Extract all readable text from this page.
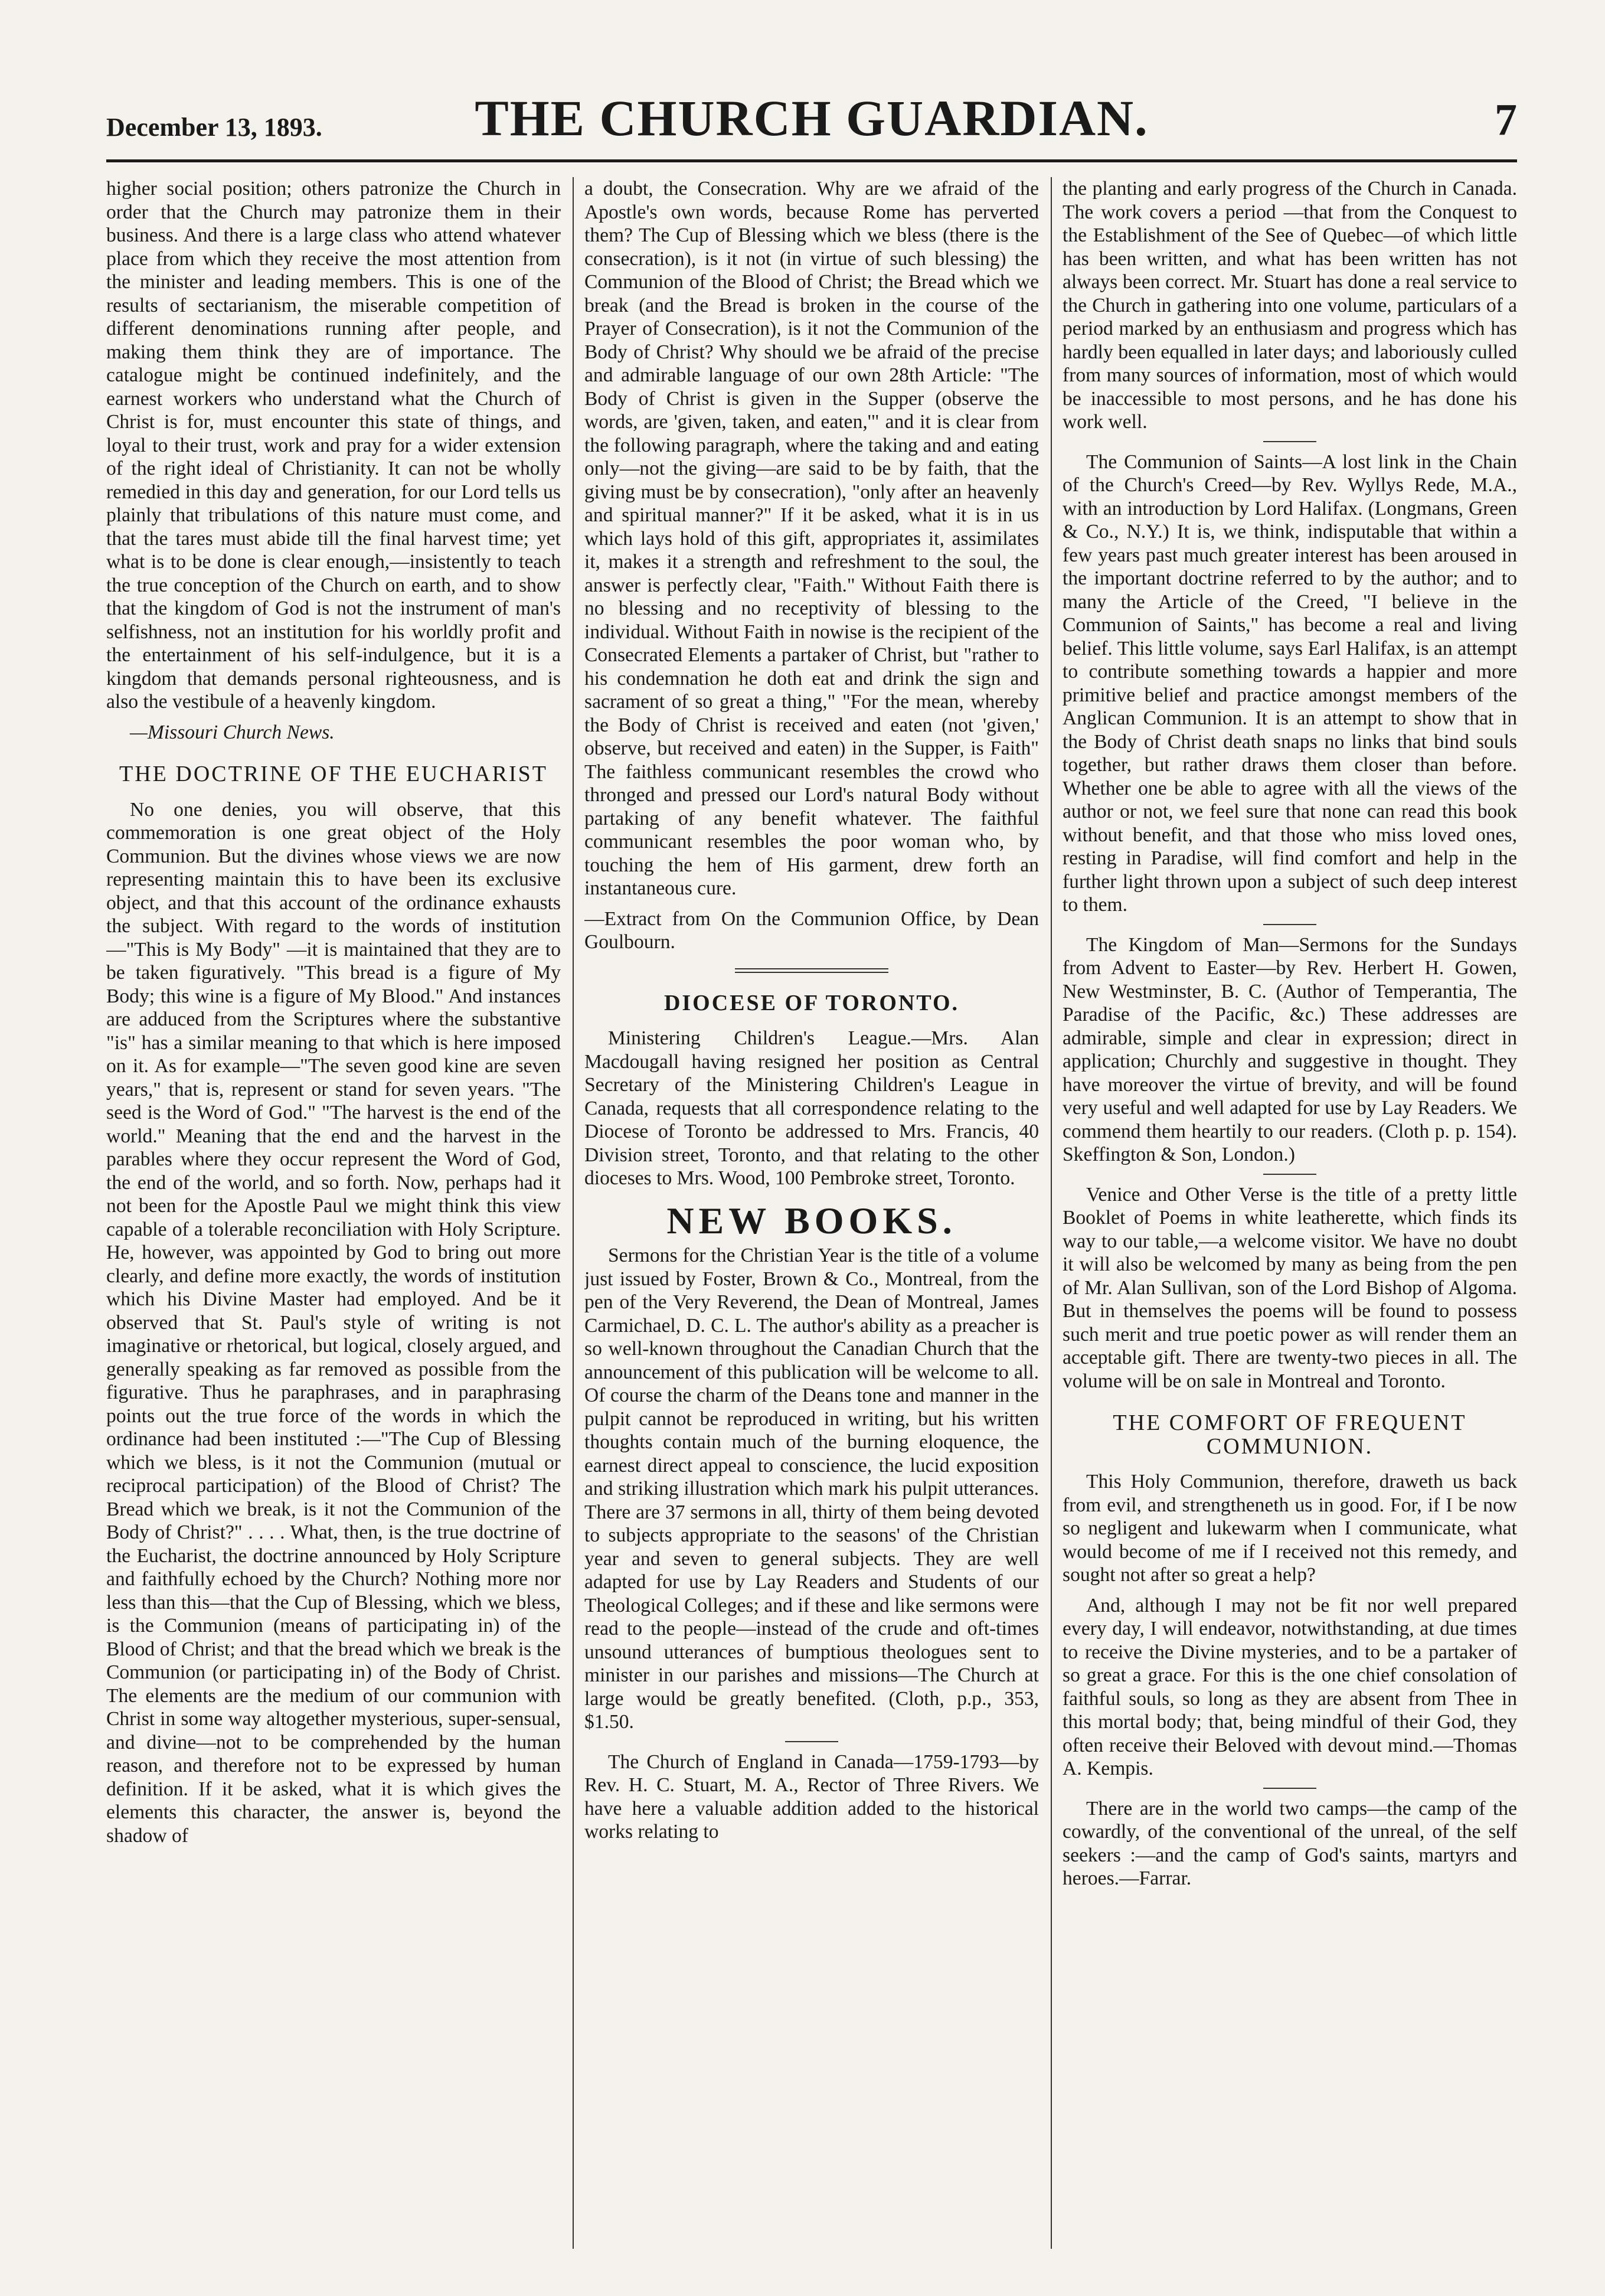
December 13, 1893.	THE CHURCH GUARDIAN.	7

higher social position; others patronize the Church in order that the Church may patronize them in their business. And there is a large class who attend whatever place from which they receive the most attention from the minister and leading members. This is one of the results of sectarianism, the miserable competition of different denominations running after people, and making them think they are of importance. The catalogue might be continued indefinitely, and the earnest workers who understand what the Church of Christ is for, must encounter this state of things, and loyal to their trust, work and pray for a wider extension of the right ideal of Christianity. It can not be wholly remedied in this day and generation, for our Lord tells us plainly that tribulations of this nature must come, and that the tares must abide till the final harvest time; yet what is to be done is clear enough,—insistently to teach the true conception of the Church on earth, and to show that the kingdom of God is not the instrument of man's selfishness, not an institution for his worldly profit and the entertainment of his self-indulgence, but it is a kingdom that demands personal righteousness, and is also the vestibule of a heavenly kingdom.

—Missouri Church News.

THE DOCTRINE OF THE EUCHARIST

No one denies, you will observe, that this commemoration is one great object of the Holy Communion. But the divines whose views we are now representing maintain this to have been its exclusive object, and that this account of the ordinance exhausts the subject. With regard to the words of institution—"This is My Body" —it is maintained that they are to be taken figuratively. "This bread is a figure of My Body; this wine is a figure of My Blood." And instances are adduced from the Scriptures where the substantive "is" has a similar meaning to that which is here imposed on it. As for example—"The seven good kine are seven years," that is, represent or stand for seven years. "The seed is the Word of God." "The harvest is the end of the world." Meaning that the end and the harvest in the parables where they occur represent the Word of God, the end of the world, and so forth. Now, perhaps had it not been for the Apostle Paul we might think this view capable of a tolerable reconciliation with Holy Scripture. He, however, was appointed by God to bring out more clearly, and define more exactly, the words of institution which his Divine Master had employed. And be it observed that St. Paul's style of writing is not imaginative or rhetorical, but logical, closely argued, and generally speaking as far removed as possible from the figurative. Thus he paraphrases, and in paraphrasing points out the true force of the words in which the ordinance had been instituted :—"The Cup of Blessing which we bless, is it not the Communion (mutual or reciprocal participation) of the Blood of Christ? The Bread which we break, is it not the Communion of the Body of Christ?" . . . . What, then, is the true doctrine of the Eucharist, the doctrine announced by Holy Scripture and faithfully echoed by the Church? Nothing more nor less than this—that the Cup of Blessing, which we bless, is the Communion (means of participating in) of the Blood of Christ; and that the bread which we break is the Communion (or participating in) of the Body of Christ. The elements are the medium of our communion with Christ in some way altogether mysterious, super-sensual, and divine—not to be comprehended by the human reason, and therefore not to be expressed by human definition. If it be asked, what it is which gives the elements this character, the answer is, beyond the shadow of

a doubt, the Consecration. Why are we afraid of the Apostle's own words, because Rome has perverted them? The Cup of Blessing which we bless (there is the consecration), is it not (in virtue of such blessing) the Communion of the Blood of Christ; the Bread which we break (and the Bread is broken in the course of the Prayer of Consecration), is it not the Communion of the Body of Christ? Why should we be afraid of the precise and admirable language of our own 28th Article: "The Body of Christ is given in the Supper (observe the words, are 'given, taken, and eaten,'" and it is clear from the following paragraph, where the taking and and eating only—not the giving—are said to be by faith, that the giving must be by consecration), "only after an heavenly and spiritual manner?" If it be asked, what it is in us which lays hold of this gift, appropriates it, assimilates it, makes it a strength and refreshment to the soul, the answer is perfectly clear, "Faith." Without Faith there is no blessing and no receptivity of blessing to the individual. Without Faith in nowise is the recipient of the Consecrated Elements a partaker of Christ, but "rather to his condemnation he doth eat and drink the sign and sacrament of so great a thing," "For the mean, whereby the Body of Christ is received and eaten (not 'given,' observe, but received and eaten) in the Supper, is Faith" The faithless communicant resembles the crowd who thronged and pressed our Lord's natural Body without partaking of any benefit whatever. The faithful communicant resembles the poor woman who, by touching the hem of His garment, drew forth an instantaneous cure.

—Extract from On the Communion Office, by Dean Goulbourn.

DIOCESE OF TORONTO.

Ministering Children's League.—Mrs. Alan Macdougall having resigned her position as Central Secretary of the Ministering Children's League in Canada, requests that all correspondence relating to the Diocese of Toronto be addressed to Mrs. Francis, 40 Division street, Toronto, and that relating to the other dioceses to Mrs. Wood, 100 Pembroke street, Toronto.

NEW BOOKS.

Sermons for the Christian Year is the title of a volume just issued by Foster, Brown & Co., Montreal, from the pen of the Very Reverend, the Dean of Montreal, James Carmichael, D. C. L. The author's ability as a preacher is so well-known throughout the Canadian Church that the announcement of this publication will be welcome to all. Of course the charm of the Deans tone and manner in the pulpit cannot be reproduced in writing, but his written thoughts contain much of the burning eloquence, the earnest direct appeal to conscience, the lucid exposition and striking illustration which mark his pulpit utterances. There are 37 sermons in all, thirty of them being devoted to subjects appropriate to the seasons' of the Christian year and seven to general subjects. They are well adapted for use by Lay Readers and Students of our Theological Colleges; and if these and like sermons were read to the people—instead of the crude and oft-times unsound utterances of bumptious theologues sent to minister in our parishes and missions—The Church at large would be greatly benefited. (Cloth, p.p., 353, $1.50.

The Church of England in Canada—1759-1793—by Rev. H. C. Stuart, M. A., Rector of Three Rivers. We have here a valuable addition added to the historical works relating to

the planting and early progress of the Church in Canada. The work covers a period —that from the Conquest to the Establishment of the See of Quebec—of which little has been written, and what has been written has not always been correct. Mr. Stuart has done a real service to the Church in gathering into one volume, particulars of a period marked by an enthusiasm and progress which has hardly been equalled in later days; and laboriously culled from many sources of information, most of which would be inaccessible to most persons, and he has done his work well.

The Communion of Saints—A lost link in the Chain of the Church's Creed—by Rev. Wyllys Rede, M.A., with an introduction by Lord Halifax. (Longmans, Green & Co., N.Y.) It is, we think, indisputable that within a few years past much greater interest has been aroused in the important doctrine referred to by the author; and to many the Article of the Creed, "I believe in the Communion of Saints," has become a real and living belief. This little volume, says Earl Halifax, is an attempt to contribute something towards a happier and more primitive belief and practice amongst members of the Anglican Communion. It is an attempt to show that in the Body of Christ death snaps no links that bind souls together, but rather draws them closer than before. Whether one be able to agree with all the views of the author or not, we feel sure that none can read this book without benefit, and that those who miss loved ones, resting in Paradise, will find comfort and help in the further light thrown upon a subject of such deep interest to them.

The Kingdom of Man—Sermons for the Sundays from Advent to Easter—by Rev. Herbert H. Gowen, New Westminster, B. C. (Author of Temperantia, The Paradise of the Pacific, &c.) These addresses are admirable, simple and clear in expression; direct in application; Churchly and suggestive in thought. They have moreover the virtue of brevity, and will be found very useful and well adapted for use by Lay Readers. We commend them heartily to our readers. (Cloth p. p. 154). Skeffington & Son, London.)

Venice and Other Verse is the title of a pretty little Booklet of Poems in white leatherette, which finds its way to our table,—a welcome visitor. We have no doubt it will also be welcomed by many as being from the pen of Mr. Alan Sullivan, son of the Lord Bishop of Algoma. But in themselves the poems will be found to possess such merit and true poetic power as will render them an acceptable gift. There are twenty-two pieces in all. The volume will be on sale in Montreal and Toronto.

THE COMFORT OF FREQUENT COMMUNION.

This Holy Communion, therefore, draweth us back from evil, and strengtheneth us in good. For, if I be now so negligent and lukewarm when I communicate, what would become of me if I received not this remedy, and sought not after so great a help?

And, although I may not be fit nor well prepared every day, I will endeavor, notwithstanding, at due times to receive the Divine mysteries, and to be a partaker of so great a grace. For this is the one chief consolation of faithful souls, so long as they are absent from Thee in this mortal body; that, being mindful of their God, they often receive their Beloved with devout mind.—Thomas A. Kempis.

There are in the world two camps—the camp of the cowardly, of the conventional of the unreal, of the self seekers :—and the camp of God's saints, martyrs and heroes.—Farrar.
